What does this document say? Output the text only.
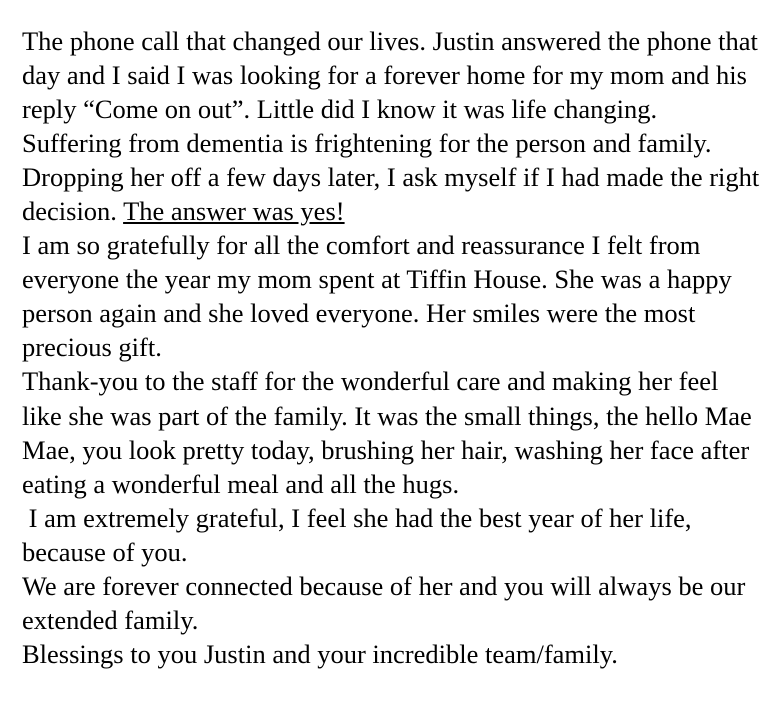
The phone call that changed our lives. Justin answered the phone that day and I said I was looking for a forever home for my mom and his reply “Come on out”. Little did I know it was life changing.

Suffering from dementia is frightening for the person and family. Dropping her off a few days later, I ask myself if I had made the right decision. The answer was yes!

I am so gratefully for all the comfort and reassurance I felt from everyone the year my mom spent at Tiffin House. She was a happy person again and she loved everyone. Her smiles were the most precious gift.

Thank-you to the staff for the wonderful care and making her feel like she was part of the family. It was the small things, the hello Mae Mae, you look pretty today, brushing her hair, washing her face after eating a wonderful meal and all the hugs.

I am extremely grateful, I feel she had the best year of her life, because of you.

We are forever connected because of her and you will always be our extended family.

Blessings to you Justin and your incredible team/family.
